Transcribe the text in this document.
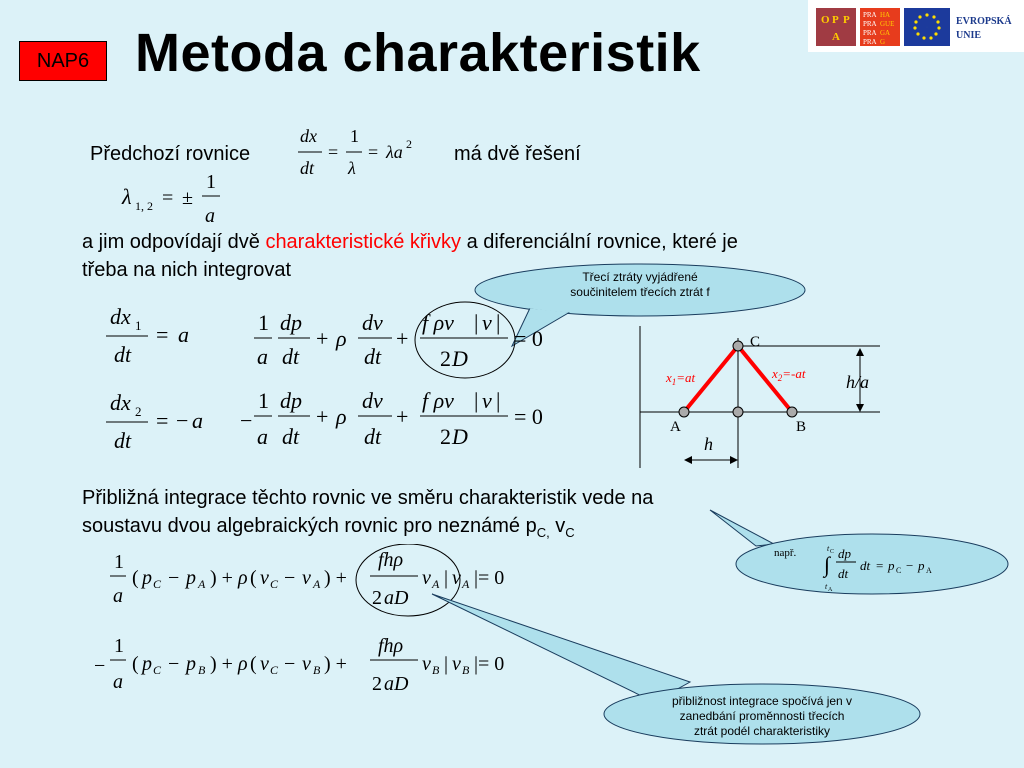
NAP6 Metoda charakteristik
O P P
A
PRA HA
PRA GUE
PRA GA
PRA G
EVROPSKÁ
UNIE
Předchozí rovnice
dx
dt
=
1
λ
= λa 2 má dvě řešení
λ 1, 2 = ±
1
a
a jim odpovídají dvě charakteristické křivky a diferenciální rovnice, které je
třeba na nich integrovat	Třecí ztráty vyjádřené
součinitelem třecích ztrát f
dx 1
dt
= a
dx 2
dt
= − a
1
a
dp
dt
+ ρ
dv
dt
+
f ρv | v |
2 D
= 0
−
1
a
dp
dt
+ ρ
dv
dt
+
f ρv | v |
2 D
= 0
C
A	B
h/a
h
$x_1=at$	$x_2=-at$
Přibližná integrace těchto rovnic ve směru charakteristik vede na
soustavu dvou algebraických rovnic pro neznámé $p_{C,}$ $v_C$
např. ∫
t C
t A
dp
dt
dt = p C − p A
1
a
( p C − p A ) + ρ ( v C − v A ) +
fhρ
2 aD
v A | v A |= 0
−
1
a
( p C − p B ) + ρ ( v C − v B ) +
fhρ
2 aD
v B | v B |= 0
přibližnost integrace spočívá jen v
zanedbání proměnnosti třecích
ztrát podél charakteristiky
